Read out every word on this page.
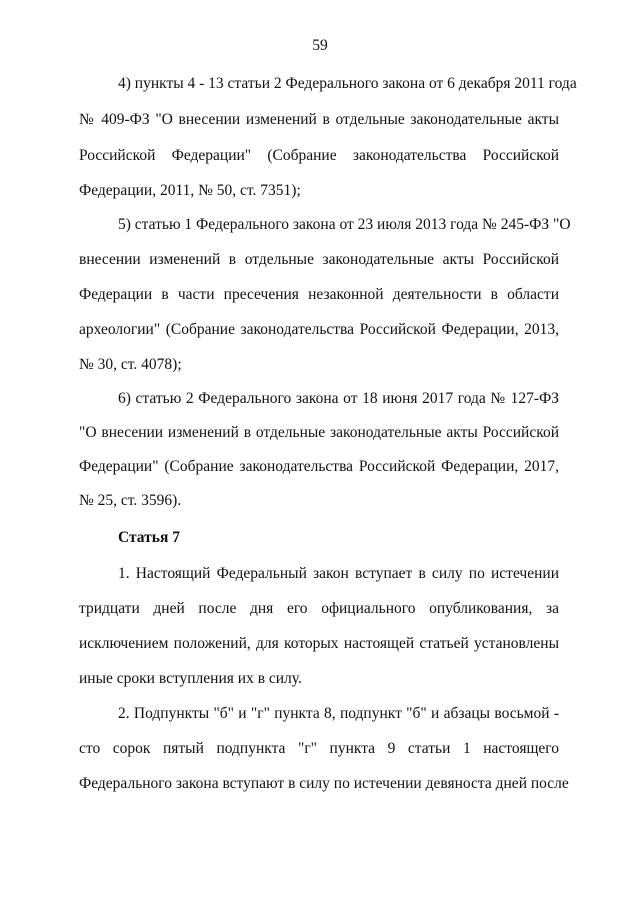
59
4) пункты 4 - 13 статьи 2 Федерального закона от 6 декабря 2011 года
№ 409-ФЗ "О внесении изменений в отдельные законодательные акты
Российской Федерации" (Собрание законодательства Российской
Федерации, 2011, № 50, ст. 7351);
5) статью 1 Федерального закона от 23 июля 2013 года № 245-ФЗ "О
внесении изменений в отдельные законодательные акты Российской
Федерации в части пресечения незаконной деятельности в области
археологии" (Собрание законодательства Российской Федерации, 2013,
№ 30, ст. 4078);
6) статью 2 Федерального закона от 18 июня 2017 года № 127-ФЗ
"О внесении изменений в отдельные законодательные акты Российской
Федерации" (Собрание законодательства Российской Федерации, 2017,
№ 25, ст. 3596).
Статья 7
1. Настоящий Федеральный закон вступает в силу по истечении
тридцати дней после дня его официального опубликования, за
исключением положений, для которых настоящей статьей установлены
иные сроки вступления их в силу.
2. Подпункты "б" и "г" пункта 8, подпункт "б" и абзацы восьмой -
сто сорок пятый подпункта "г" пункта 9 статьи 1 настоящего
Федерального закона вступают в силу по истечении девяноста дней после
